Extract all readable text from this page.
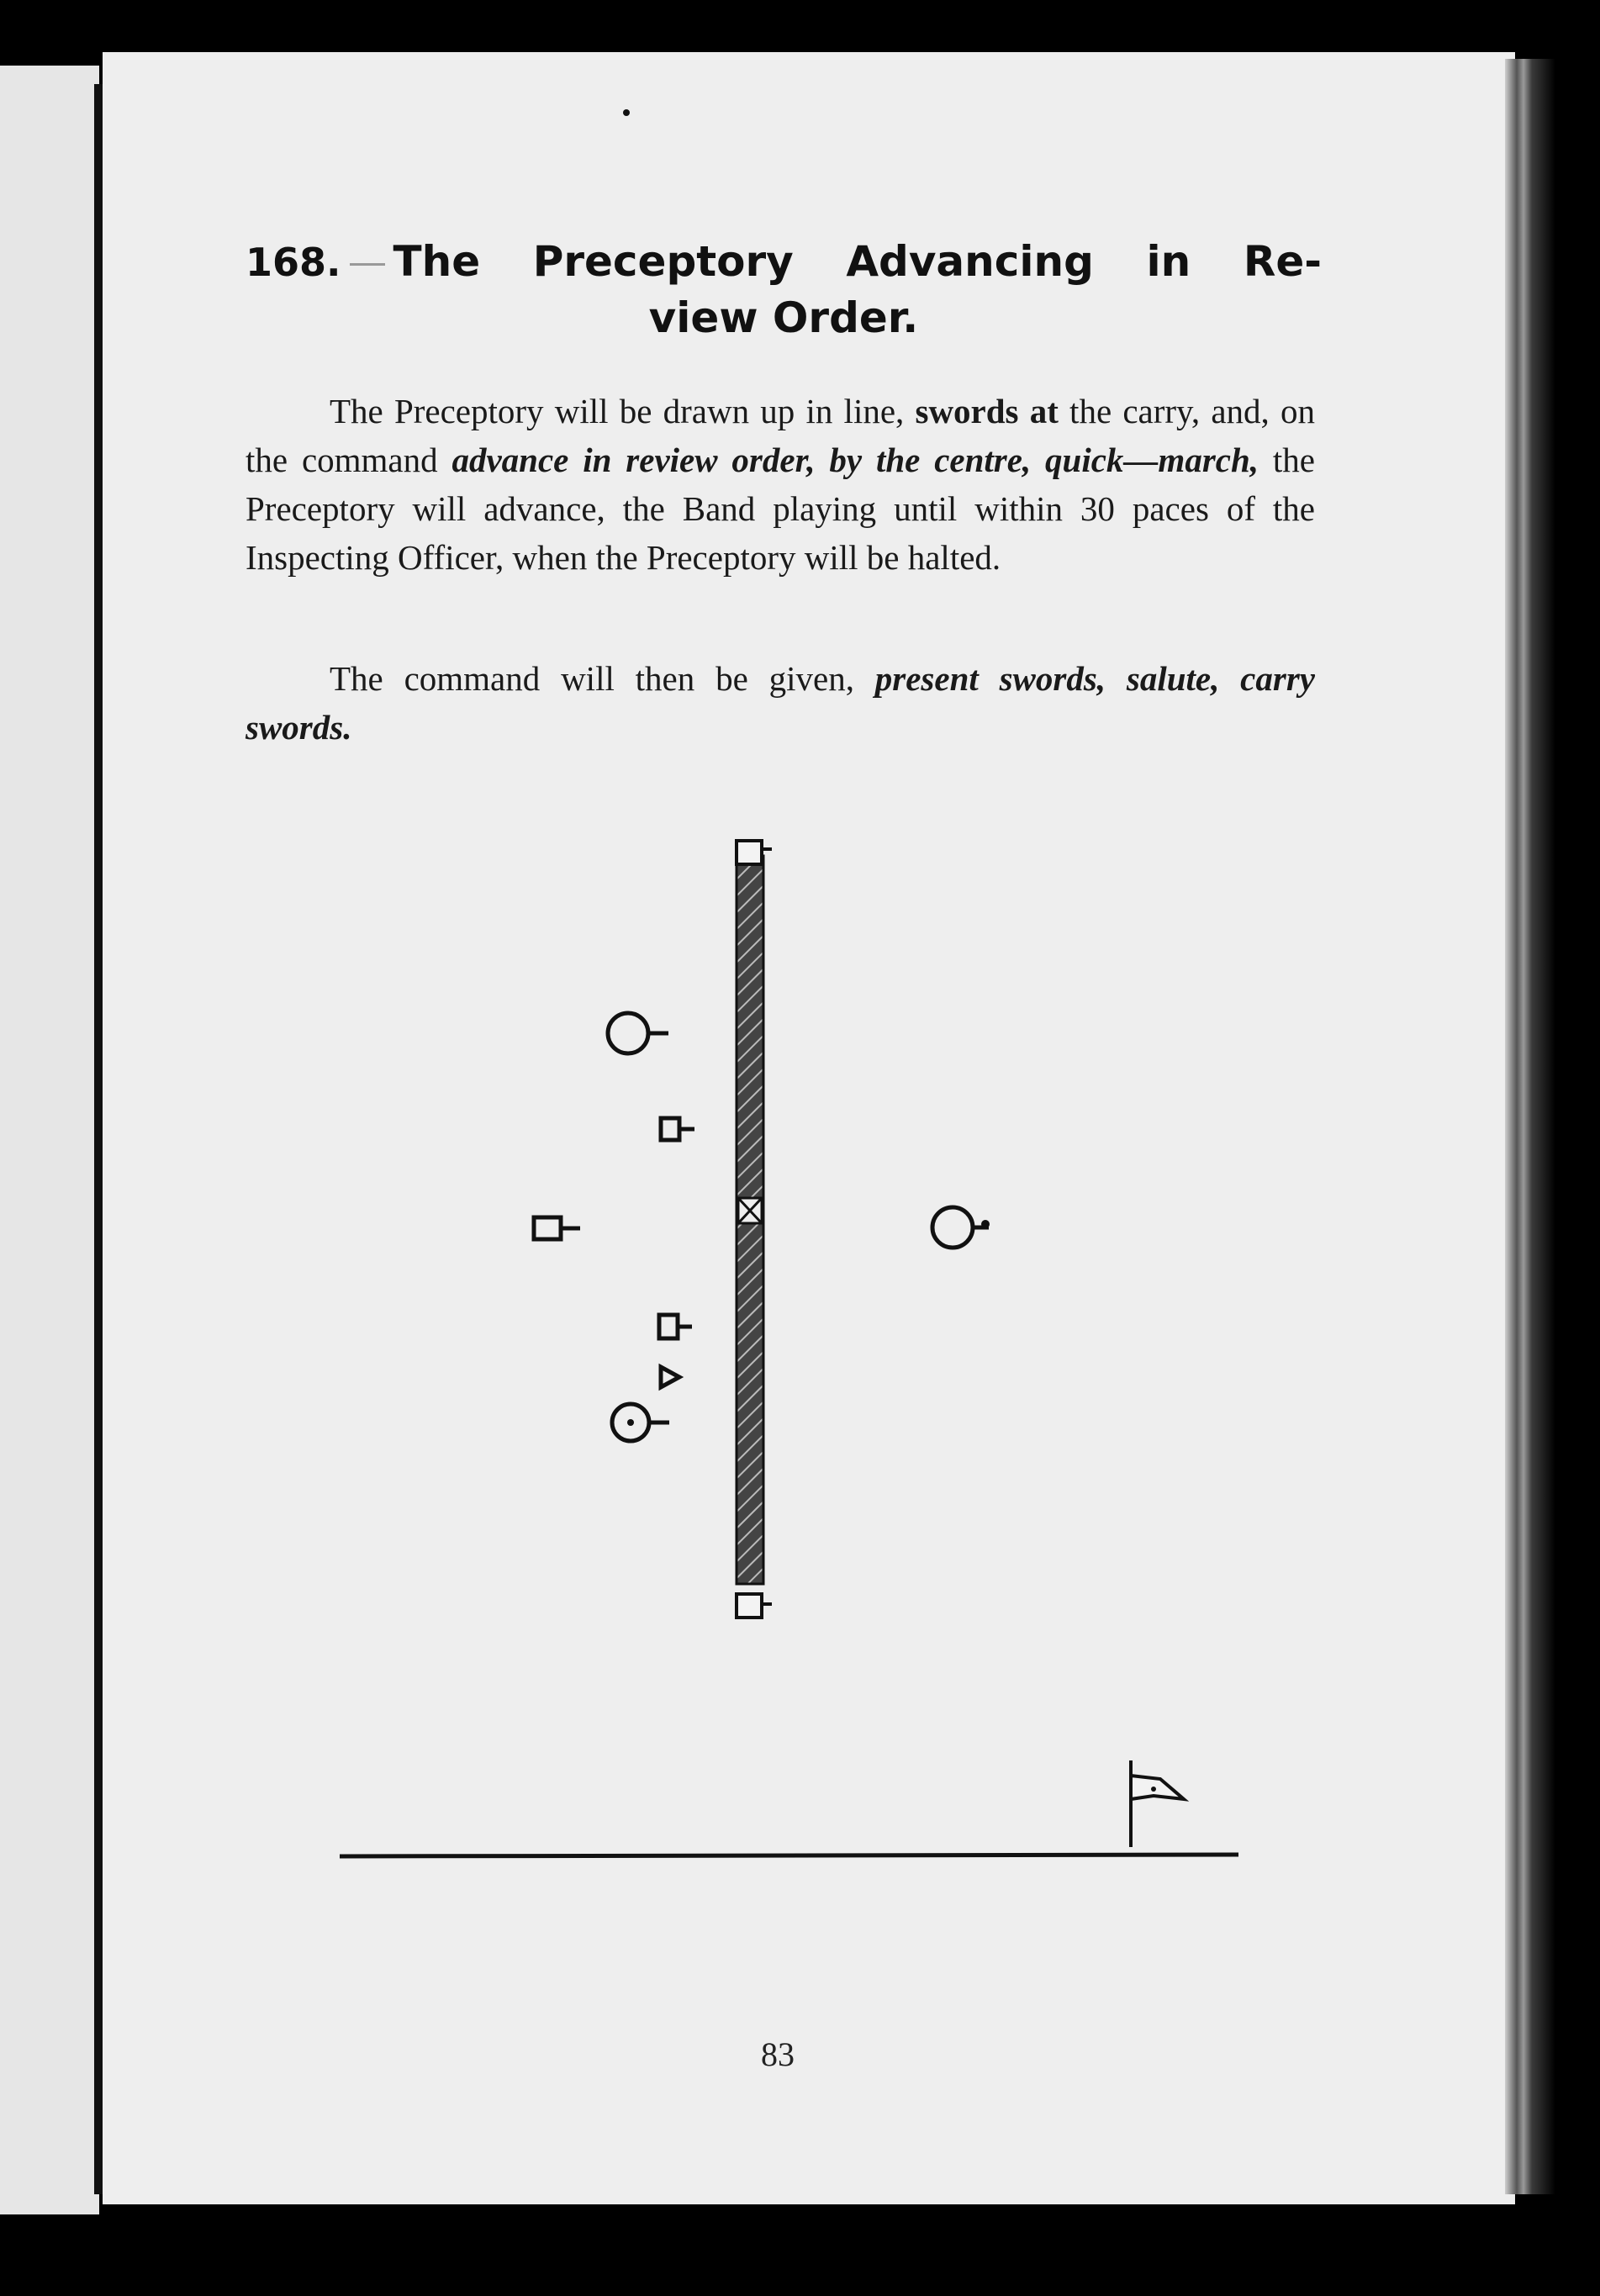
168.	The Preceptory Advancing in Re-
view Order.
The Preceptory will be drawn up in line, swords at the carry, and, on the command advance in review order, by the centre, quick—march, the Preceptory will advance, the Band playing until within 30 paces of the Inspecting Officer, when the Preceptory will be halted.
The command will then be given, present swords, salute, carry swords.
83
